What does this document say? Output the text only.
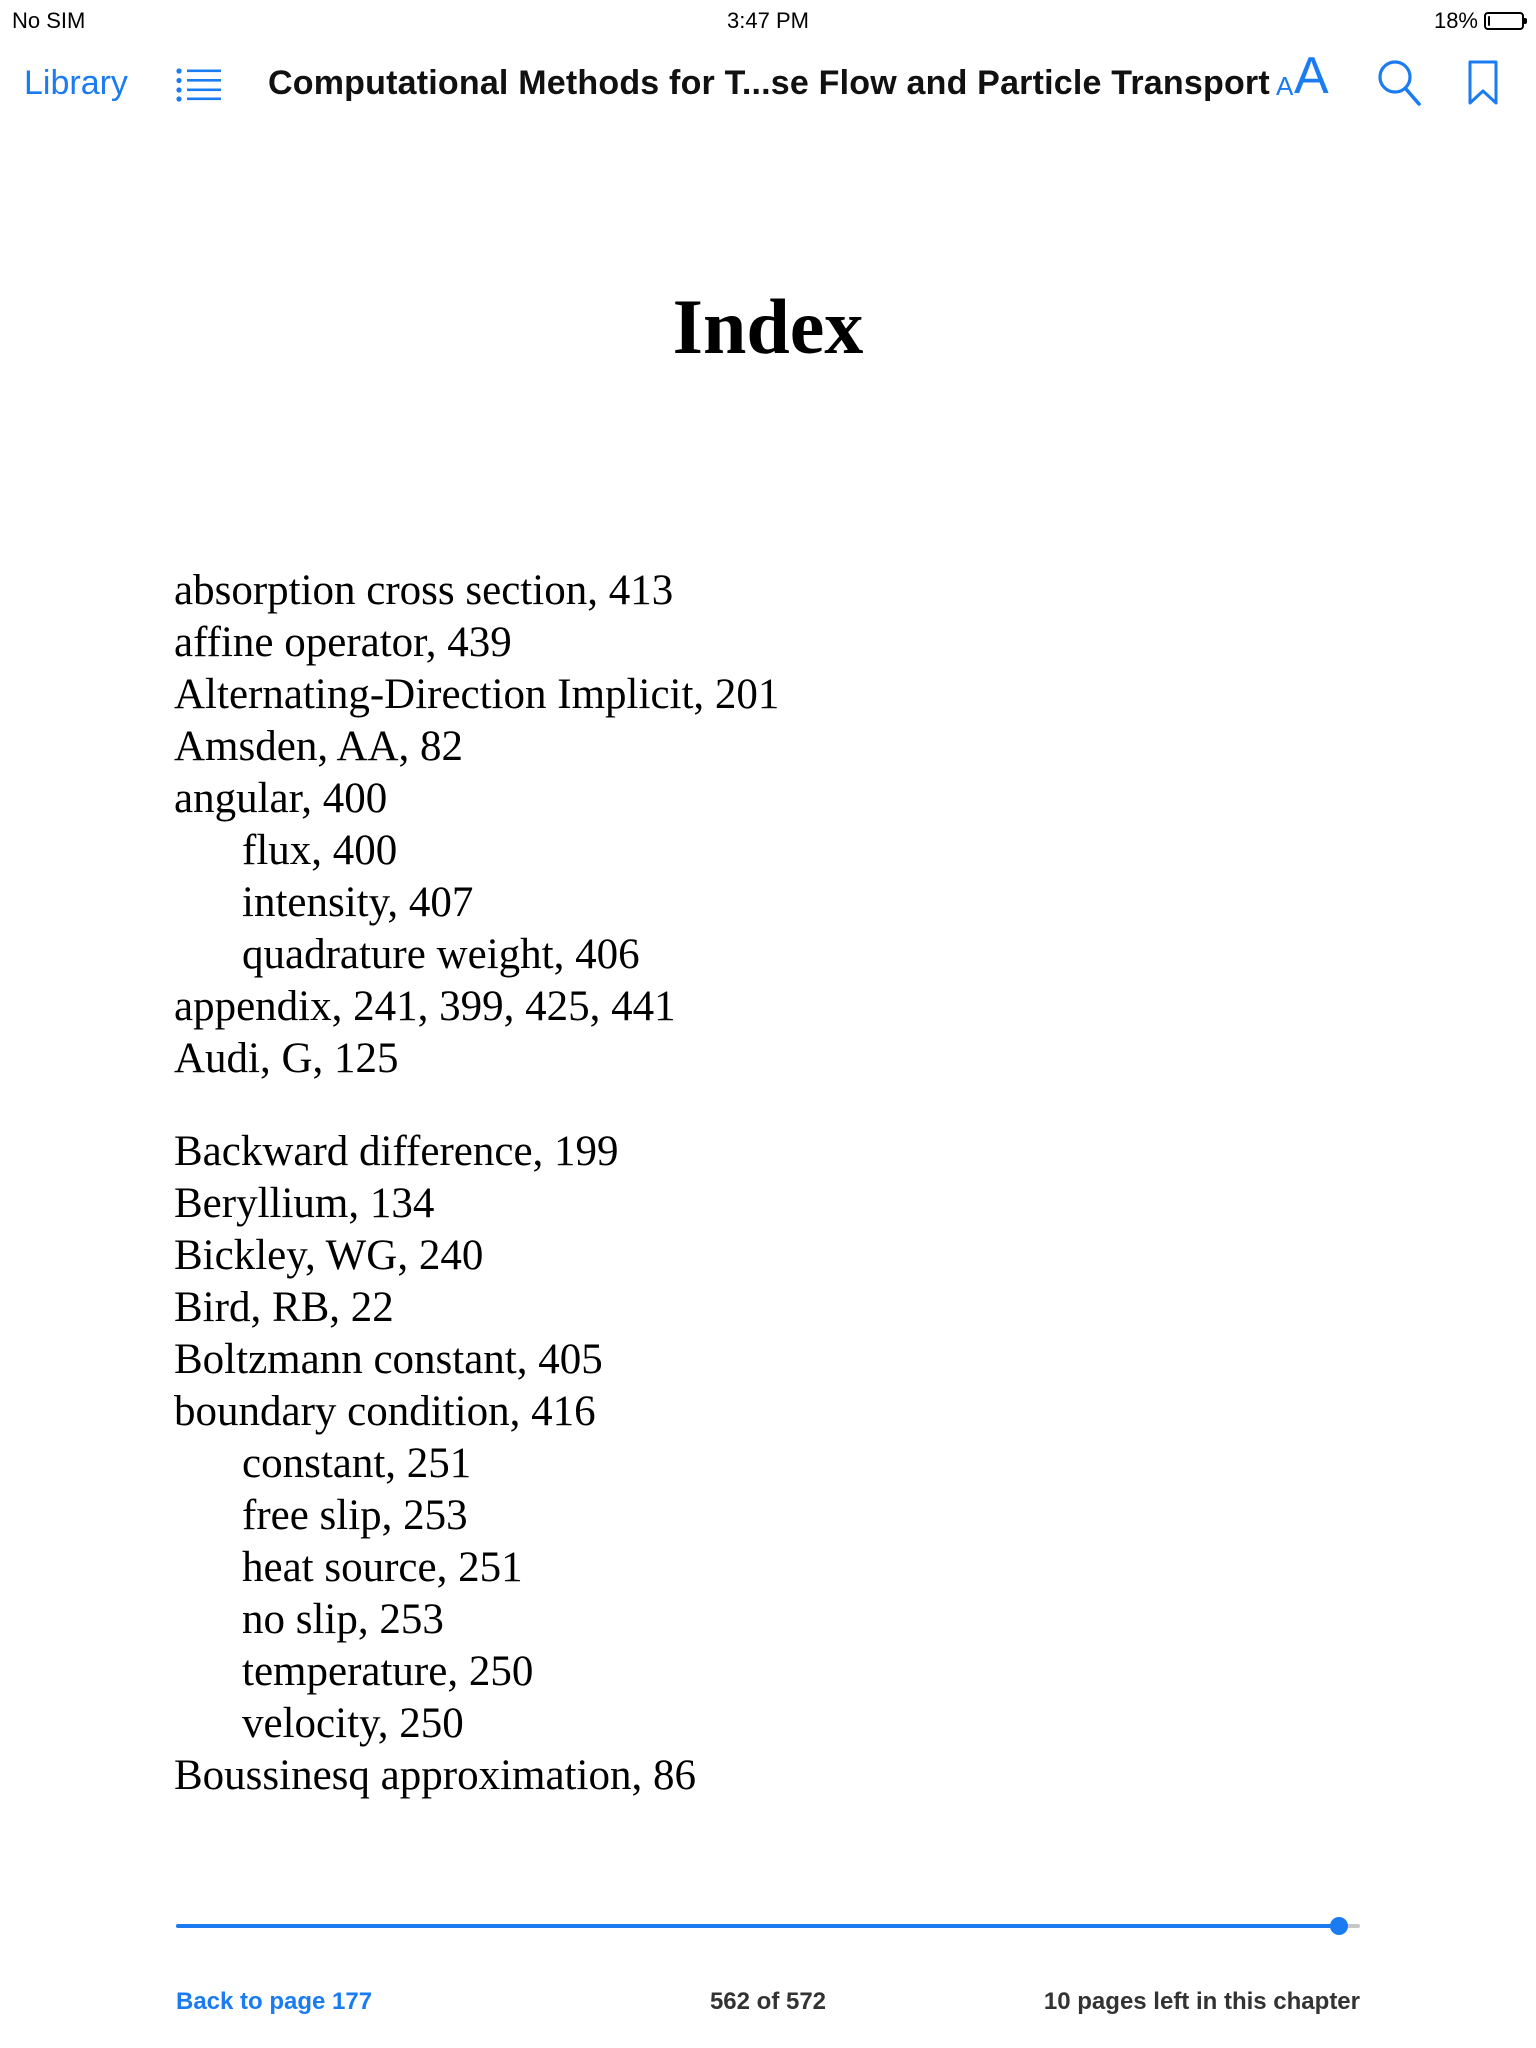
No SIM	3:47 PM	18%
Library	Computational Methods for T...se Flow and Particle Transport A A
Index
absorption cross section, 413
affine operator, 439
Alternating-Direction Implicit, 201
Amsden, AA, 82
angular, 400
flux, 400
intensity, 407
quadrature weight, 406
appendix, 241, 399, 425, 441
Audi, G, 125
Backward difference, 199
Beryllium, 134
Bickley, WG, 240
Bird, RB, 22
Boltzmann constant, 405
boundary condition, 416
constant, 251
free slip, 253
heat source, 251
no slip, 253
temperature, 250
velocity, 250
Boussinesq approximation, 86
Back to page 177	562 of 572	10 pages left in this chapter
